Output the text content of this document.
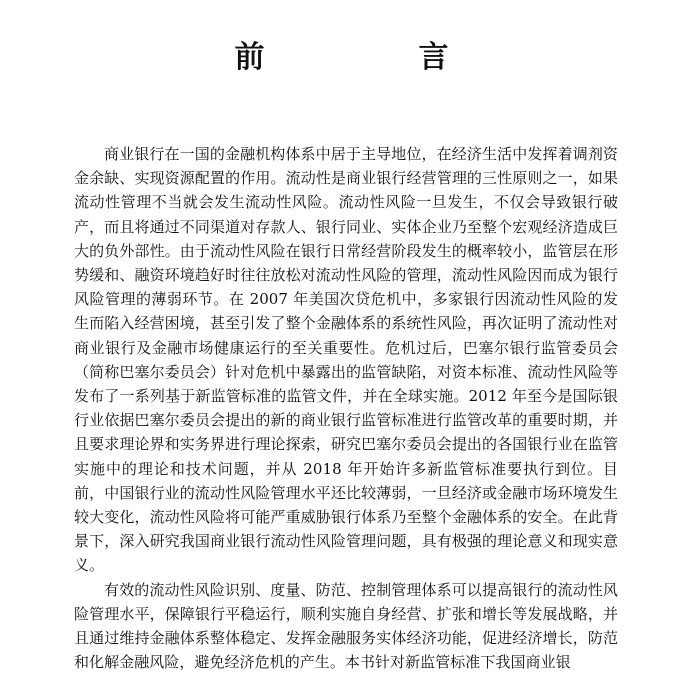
前　言

商业银行在一国的金融机构体系中居于主导地位，在经济生活中发挥着调剂资金余缺、实现资源配置的作用。流动性是商业银行经营管理的三性原则之一，如果流动性管理不当就会发生流动性风险。流动性风险一旦发生，不仅会导致银行破产，而且将通过不同渠道对存款人、银行同业、实体企业乃至整个宏观经济造成巨大的负外部性。由于流动性风险在银行日常经营阶段发生的概率较小，监管层在形势缓和、融资环境趋好时往往放松对流动性风险的管理，流动性风险因而成为银行风险管理的薄弱环节。在 2007 年美国次贷危机中，多家银行因流动性风险的发生而陷入经营困境，甚至引发了整个金融体系的系统性风险，再次证明了流动性对商业银行及金融市场健康运行的至关重要性。危机过后，巴塞尔银行监管委员会（简称巴塞尔委员会）针对危机中暴露出的监管缺陷，对资本标准、流动性风险等发布了一系列基于新监管标准的监管文件，并在全球实施。2012 年至今是国际银行业依据巴塞尔委员会提出的新的商业银行监管标准进行监管改革的重要时期，并且要求理论界和实务界进行理论探索，研究巴塞尔委员会提出的各国银行业在监管实施中的理论和技术问题，并从 2018 年开始许多新监管标准要执行到位。目前，中国银行业的流动性风险管理水平还比较薄弱，一旦经济或金融市场环境发生较大变化，流动性风险将可能严重威胁银行体系乃至整个金融体系的安全。在此背景下，深入研究我国商业银行流动性风险管理问题，具有极强的理论意义和现实意义。

有效的流动性风险识别、度量、防范、控制管理体系可以提高银行的流动性风险管理水平，保障银行平稳运行，顺利实施自身经营、扩张和增长等发展战略，并且通过维持金融体系整体稳定、发挥金融服务实体经济功能，促进经济增长，防范和化解金融风险，避免经济危机的产生。本书针对新监管标准下我国商业银
